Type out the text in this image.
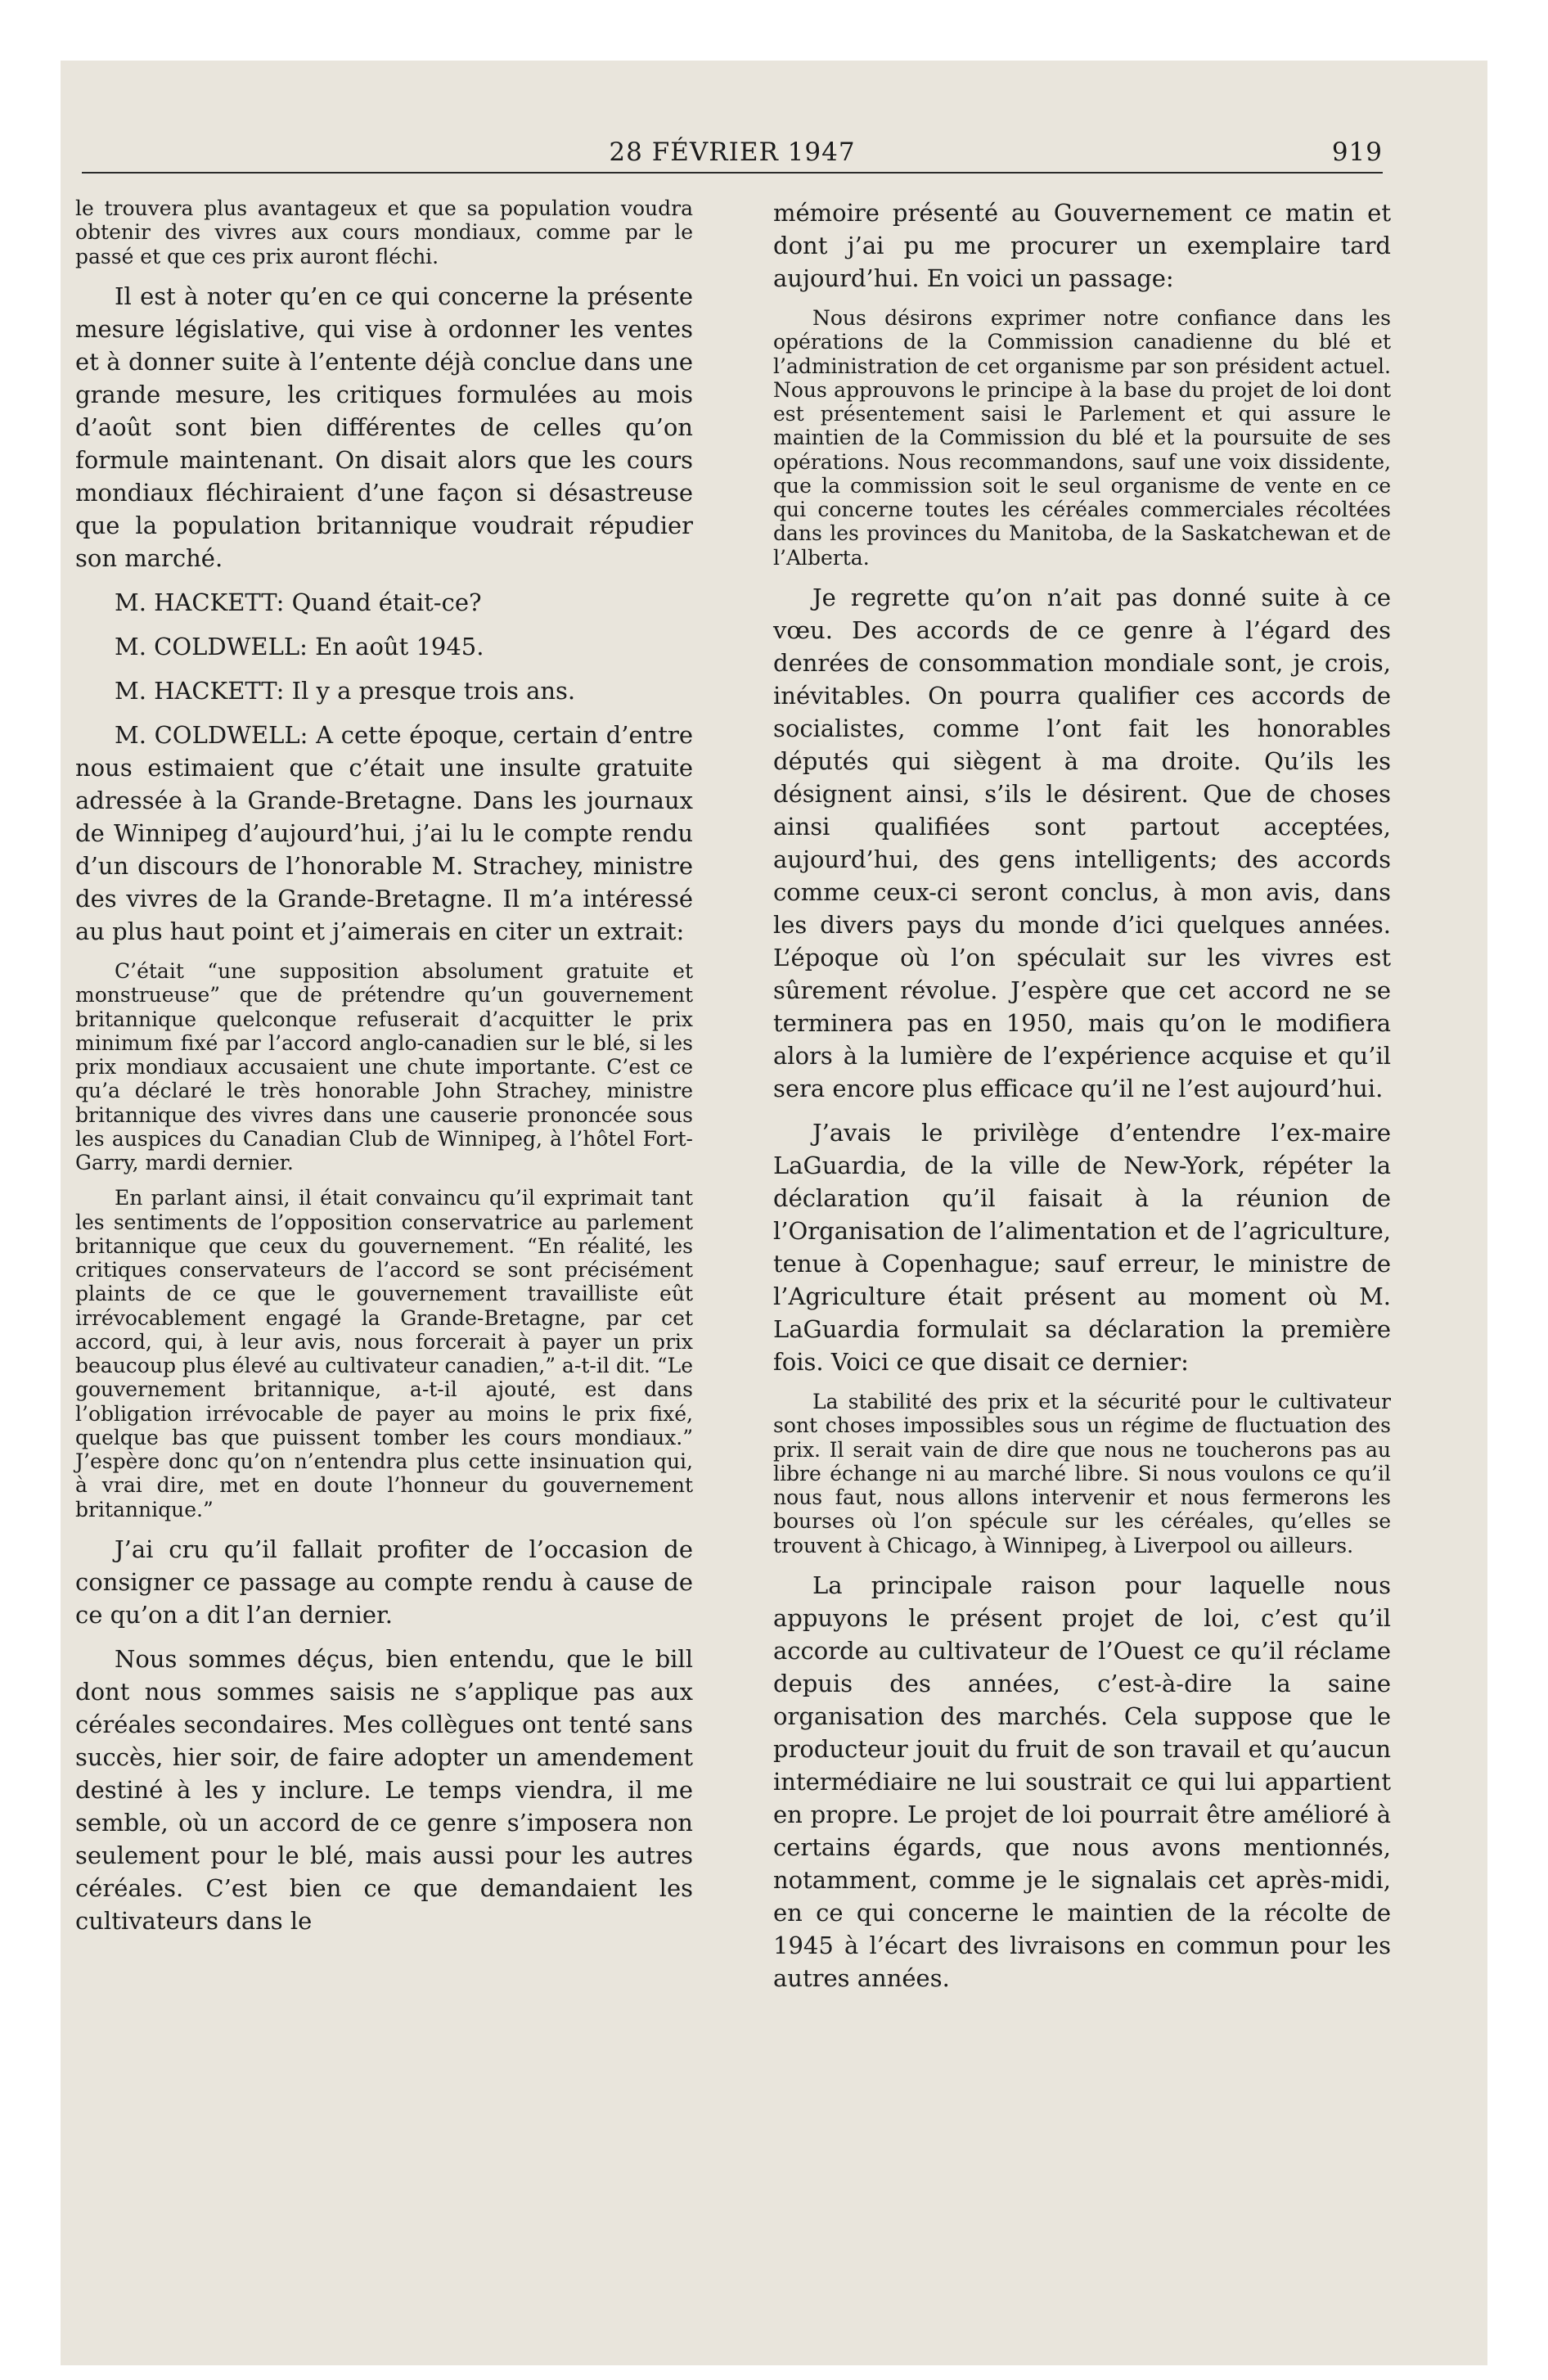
28 FÉVRIER 1947	919

le trouvera plus avantageux et que sa population voudra obtenir des vivres aux cours mondiaux, comme par le passé et que ces prix auront fléchi.

Il est à noter qu’en ce qui concerne la présente mesure législative, qui vise à ordonner les ventes et à donner suite à l’entente déjà conclue dans une grande mesure, les critiques formulées au mois d’août sont bien différentes de celles qu’on formule maintenant. On disait alors que les cours mondiaux fléchiraient d’une façon si désastreuse que la population britannique voudrait répudier son marché.

M. HACKETT: Quand était-ce?

M. COLDWELL: En août 1945.

M. HACKETT: Il y a presque trois ans.

M. COLDWELL: A cette époque, certain d’entre nous estimaient que c’était une insulte gratuite adressée à la Grande-Bretagne. Dans les journaux de Winnipeg d’aujourd’hui, j’ai lu le compte rendu d’un discours de l’honorable M. Strachey, ministre des vivres de la Grande-Bretagne. Il m’a intéressé au plus haut point et j’aimerais en citer un extrait:

C’était “une supposition absolument gratuite et monstrueuse” que de prétendre qu’un gouvernement britannique quelconque refuserait d’acquitter le prix minimum fixé par l’accord anglo-canadien sur le blé, si les prix mondiaux accusaient une chute importante. C’est ce qu’a déclaré le très honorable John Strachey, ministre britannique des vivres dans une causerie prononcée sous les auspices du Canadian Club de Winnipeg, à l’hôtel Fort-Garry, mardi dernier.

En parlant ainsi, il était convaincu qu’il exprimait tant les sentiments de l’opposition conservatrice au parlement britannique que ceux du gouvernement. “En réalité, les critiques conservateurs de l’accord se sont précisément plaints de ce que le gouvernement travailliste eût irrévocablement engagé la Grande-Bretagne, par cet accord, qui, à leur avis, nous forcerait à payer un prix beaucoup plus élevé au cultivateur canadien,” a-t-il dit. “Le gouvernement britannique, a-t-il ajouté, est dans l’obligation irrévocable de payer au moins le prix fixé, quelque bas que puissent tomber les cours mondiaux.” J’espère donc qu’on n’entendra plus cette insinuation qui, à vrai dire, met en doute l’honneur du gouvernement britannique.”

J’ai cru qu’il fallait profiter de l’occasion de consigner ce passage au compte rendu à cause de ce qu’on a dit l’an dernier.

Nous sommes déçus, bien entendu, que le bill dont nous sommes saisis ne s’applique pas aux céréales secondaires. Mes collègues ont tenté sans succès, hier soir, de faire adopter un amendement destiné à les y inclure. Le temps viendra, il me semble, où un accord de ce genre s’imposera non seulement pour le blé, mais aussi pour les autres céréales. C’est bien ce que demandaient les cultivateurs dans le

mémoire présenté au Gouvernement ce matin et dont j’ai pu me procurer un exemplaire tard aujourd’hui. En voici un passage:

Nous désirons exprimer notre confiance dans les opérations de la Commission canadienne du blé et l’administration de cet organisme par son président actuel. Nous approuvons le principe à la base du projet de loi dont est présentement saisi le Parlement et qui assure le maintien de la Commission du blé et la poursuite de ses opérations. Nous recommandons, sauf une voix dissidente, que la commission soit le seul organisme de vente en ce qui concerne toutes les céréales commerciales récoltées dans les provinces du Manitoba, de la Saskatchewan et de l’Alberta.

Je regrette qu’on n’ait pas donné suite à ce vœu. Des accords de ce genre à l’égard des denrées de consommation mondiale sont, je crois, inévitables. On pourra qualifier ces accords de socialistes, comme l’ont fait les honorables députés qui siègent à ma droite. Qu’ils les désignent ainsi, s’ils le désirent. Que de choses ainsi qualifiées sont partout acceptées, aujourd’hui, des gens intelligents; des accords comme ceux-ci seront conclus, à mon avis, dans les divers pays du monde d’ici quelques années. L’époque où l’on spéculait sur les vivres est sûrement révolue. J’espère que cet accord ne se terminera pas en 1950, mais qu’on le modifiera alors à la lumière de l’expérience acquise et qu’il sera encore plus efficace qu’il ne l’est aujourd’hui.

J’avais le privilège d’entendre l’ex-maire LaGuardia, de la ville de New-York, répéter la déclaration qu’il faisait à la réunion de l’Organisation de l’alimentation et de l’agriculture, tenue à Copenhague; sauf erreur, le ministre de l’Agriculture était présent au moment où M. LaGuardia formulait sa déclaration la première fois. Voici ce que disait ce dernier:

La stabilité des prix et la sécurité pour le cultivateur sont choses impossibles sous un régime de fluctuation des prix. Il serait vain de dire que nous ne toucherons pas au libre échange ni au marché libre. Si nous voulons ce qu’il nous faut, nous allons intervenir et nous fermerons les bourses où l’on spécule sur les céréales, qu’elles se trouvent à Chicago, à Winnipeg, à Liverpool ou ailleurs.

La principale raison pour laquelle nous appuyons le présent projet de loi, c’est qu’il accorde au cultivateur de l’Ouest ce qu’il réclame depuis des années, c’est-à-dire la saine organisation des marchés. Cela suppose que le producteur jouit du fruit de son travail et qu’aucun intermédiaire ne lui soustrait ce qui lui appartient en propre. Le projet de loi pourrait être amélioré à certains égards, que nous avons mentionnés, notamment, comme je le signalais cet après-midi, en ce qui concerne le maintien de la récolte de 1945 à l’écart des livraisons en commun pour les autres années.
